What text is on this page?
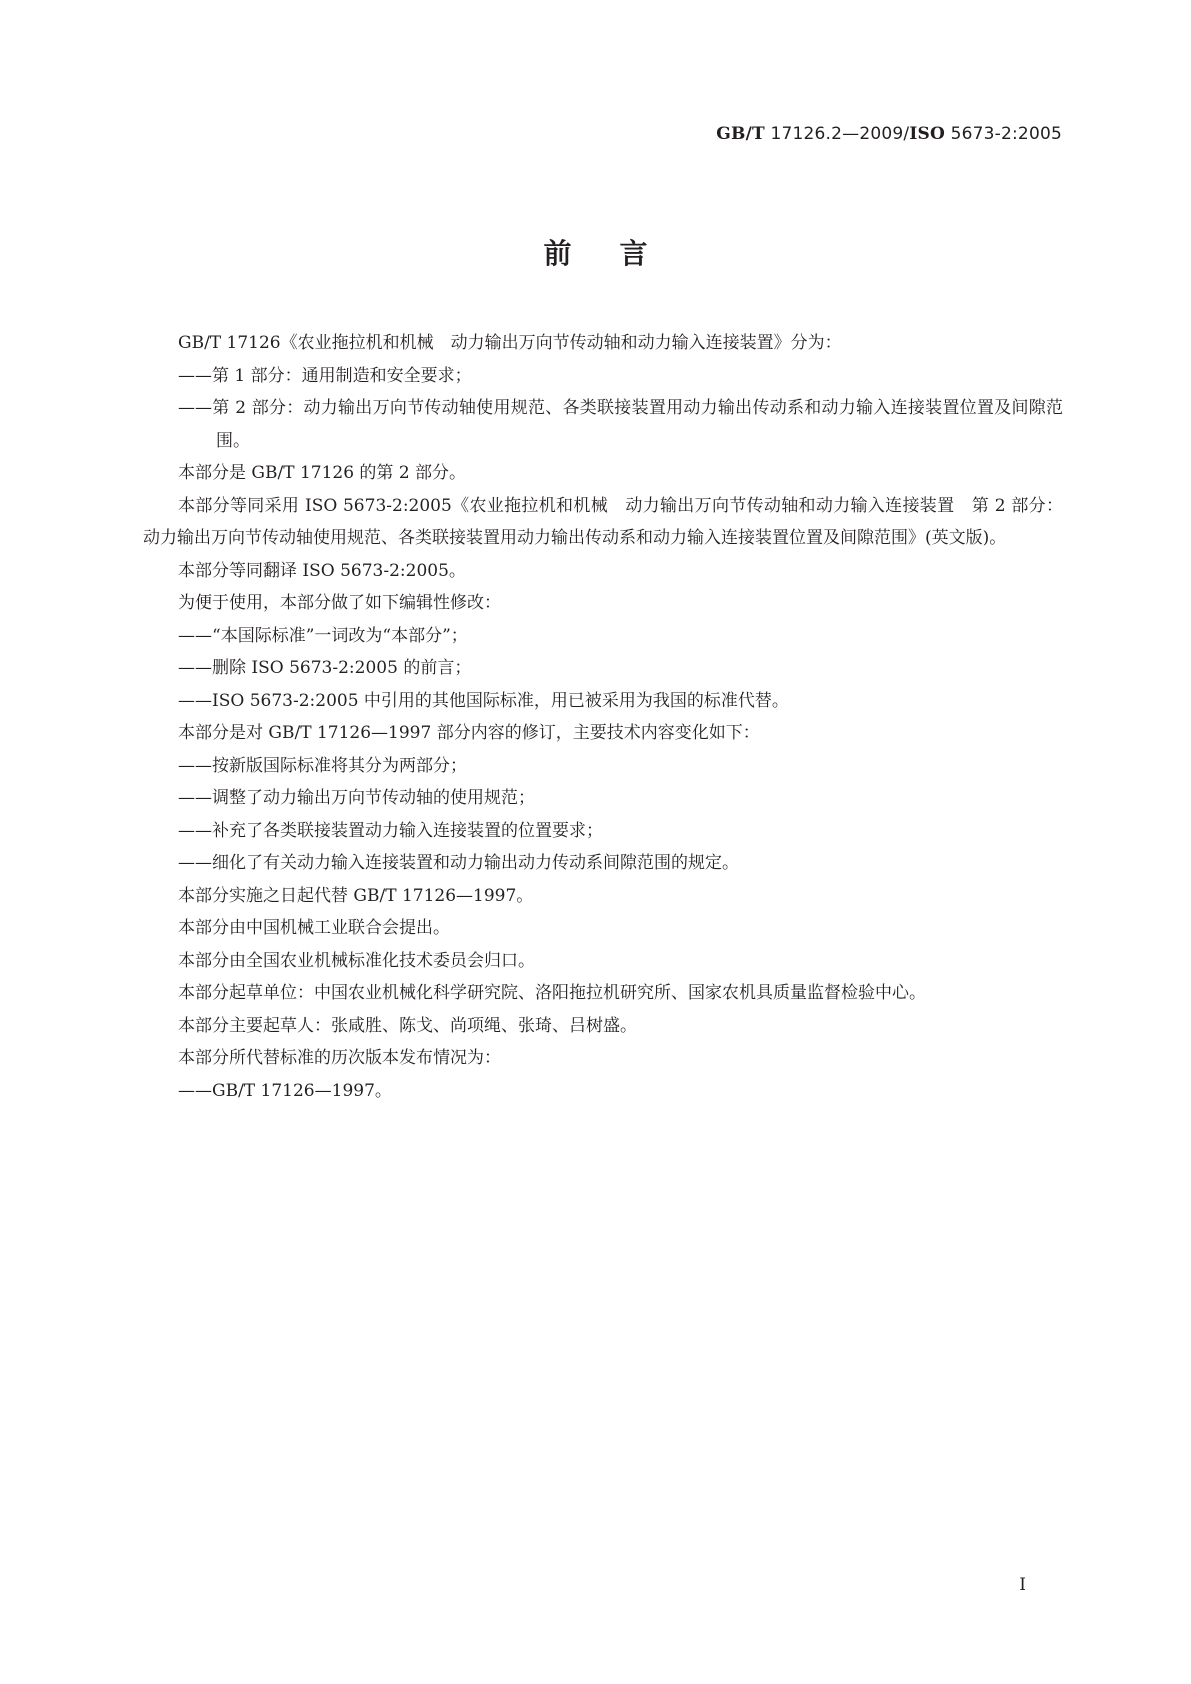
GB/T 17126.2—2009/ISO 5673-2:2005
前言

GB/T 17126《农业拖拉机和机械　动力输出万向节传动轴和动力输入连接装置》分为：

——第 1 部分：通用制造和安全要求；

——第 2 部分：动力输出万向节传动轴使用规范、各类联接装置用动力输出传动系和动力输入连接装置位置及间隙范围。

本部分是 GB/T 17126 的第 2 部分。

本部分等同采用 ISO 5673-2:2005《农业拖拉机和机械　动力输出万向节传动轴和动力输入连接装置　第 2 部分：动力输出万向节传动轴使用规范、各类联接装置用动力输出传动系和动力输入连接装置位置及间隙范围》(英文版)。

本部分等同翻译 ISO 5673-2:2005。

为便于使用，本部分做了如下编辑性修改：

——“本国际标准”一词改为“本部分”；

——删除 ISO 5673-2:2005 的前言；

——ISO 5673-2:2005 中引用的其他国际标准，用已被采用为我国的标准代替。

本部分是对 GB/T 17126—1997 部分内容的修订，主要技术内容变化如下：

——按新版国际标准将其分为两部分；

——调整了动力输出万向节传动轴的使用规范；

——补充了各类联接装置动力输入连接装置的位置要求；

——细化了有关动力输入连接装置和动力输出动力传动系间隙范围的规定。

本部分实施之日起代替 GB/T 17126—1997。

本部分由中国机械工业联合会提出。

本部分由全国农业机械标准化技术委员会归口。

本部分起草单位：中国农业机械化科学研究院、洛阳拖拉机研究所、国家农机具质量监督检验中心。

本部分主要起草人：张咸胜、陈戈、尚项绳、张琦、吕树盛。

本部分所代替标准的历次版本发布情况为：

——GB/T 17126—1997。

I
